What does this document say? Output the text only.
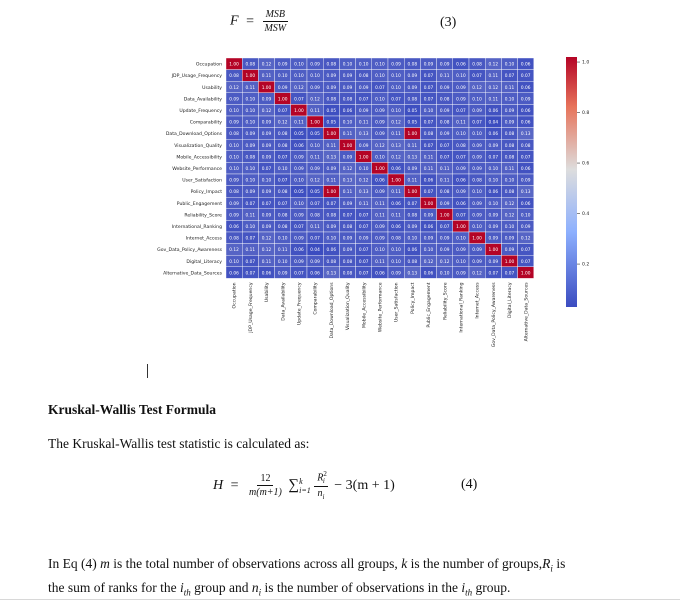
$F = \frac{\text{MSB}}{\text{MSW}}$	(3)
1.00 0.08 0.12 0.09 0.10 0.09 0.08 0.10 0.10 0.10 0.09 0.08 0.09 0.09 0.06 0.08 0.12 0.10 0.06
0.08 1.00 0.11 0.10 0.10 0.10 0.09 0.09 0.08 0.10 0.10 0.09 0.07 0.11 0.10 0.07 0.11 0.07 0.07
0.12 0.11 1.00 0.09 0.12 0.09 0.09 0.09 0.09 0.07 0.10 0.09 0.07 0.09 0.09 0.12 0.12 0.11 0.06
0.09 0.10 0.09 1.00 0.07 0.12 0.08 0.08 0.07 0.10 0.07 0.08 0.07 0.08 0.09 0.10 0.11 0.10 0.09
0.10 0.10 0.12 0.07 1.00 0.11 0.05 0.06 0.09 0.09 0.10 0.05 0.10 0.09 0.07 0.09 0.06 0.09 0.06
0.09 0.10 0.09 0.12 0.11 1.00 0.05 0.10 0.11 0.09 0.12 0.05 0.07 0.08 0.11 0.07 0.04 0.09 0.06
0.08 0.09 0.09 0.08 0.05 0.05 1.00 0.11 0.13 0.09 0.11 1.00 0.08 0.09 0.10 0.10 0.06 0.08 0.13
0.10 0.09 0.09 0.08 0.06 0.10 0.11 1.00 0.09 0.12 0.13 0.11 0.07 0.07 0.08 0.09 0.09 0.08 0.08
0.10 0.08 0.09 0.07 0.09 0.11 0.13 0.09 1.00 0.10 0.12 0.13 0.11 0.07 0.07 0.09 0.07 0.08 0.07
0.10 0.10 0.07 0.10 0.09 0.09 0.09 0.12 0.10 1.00 0.06 0.09 0.11 0.11 0.09 0.09 0.10 0.11 0.06
0.09 0.10 0.10 0.07 0.10 0.12 0.11 0.13 0.12 0.06 1.00 0.11 0.06 0.11 0.06 0.08 0.10 0.10 0.09
0.08 0.09 0.09 0.08 0.05 0.05 1.00 0.11 0.13 0.09 0.11 1.00 0.07 0.08 0.09 0.10 0.06 0.08 0.13
0.09 0.07 0.07 0.07 0.10 0.07 0.07 0.09 0.11 0.11 0.06 0.07 1.00 0.09 0.06 0.09 0.10 0.12 0.06
0.09 0.11 0.09 0.08 0.09 0.08 0.08 0.07 0.07 0.11 0.11 0.08 0.09 1.00 0.07 0.09 0.09 0.12 0.10
0.06 0.10 0.09 0.08 0.07 0.11 0.09 0.08 0.07 0.09 0.06 0.09 0.06 0.07 1.00 0.10 0.09 0.10 0.09
0.08 0.07 0.12 0.10 0.09 0.07 0.10 0.09 0.09 0.09 0.08 0.10 0.09 0.09 0.10 1.00 0.09 0.09 0.12
0.12 0.11 0.12 0.11 0.06 0.04 0.06 0.09 0.07 0.10 0.10 0.06 0.10 0.09 0.09 0.09 1.00 0.09 0.07
0.10 0.07 0.11 0.10 0.09 0.09 0.08 0.08 0.07 0.11 0.10 0.08 0.12 0.12 0.10 0.09 0.09 1.00 0.07
0.06 0.07 0.06 0.09 0.07 0.06 0.13 0.08 0.07 0.06 0.09 0.13 0.06 0.10 0.09 0.12 0.07 0.07 1.00
Occupation
JDP_Usage_Frequency
Usability
Data_Availability
Update_Frequency
Comparability
Data_Download_Options
Visualization_Quality
Mobile_Accessibility
Website_Performance
User_Satisfaction
Policy_Impact
Public_Engagement
Reliability_Score
International_Ranking
Internet_Access
Gov_Data_Policy_Awareness
Digital_Literacy
Alternative_Data_Sources
Occupation JDP_Usage_Frequency Usability Data_Availability Update_Frequency Comparability Data_Download_Options Visualization_Quality Mobile_Accessibility Website_Performance User_Satisfaction Policy_Impact Public_Engagement Reliability_Score International_Ranking Internet_Access Gov_Data_Policy_Awareness Digital_Literacy Alternative_Data_Sources
1.0
0.8
0.6
0.4
0.2
Kruskal-Wallis Test Formula
The Kruskal-Wallis test statistic is calculated as:
$H = \frac{12}{m(m+1)}$ ∑ k
i=1
$\frac{R^2_i}{n_i} - 3(m + 1)$	(4)
In Eq (4) m is the total number of observations across all groups, k is the number of $groups,R_i$ is
the sum of ranks for the $i_{th}$ group and $n_i$ is the number of observations in the $i_{th}$ group.
